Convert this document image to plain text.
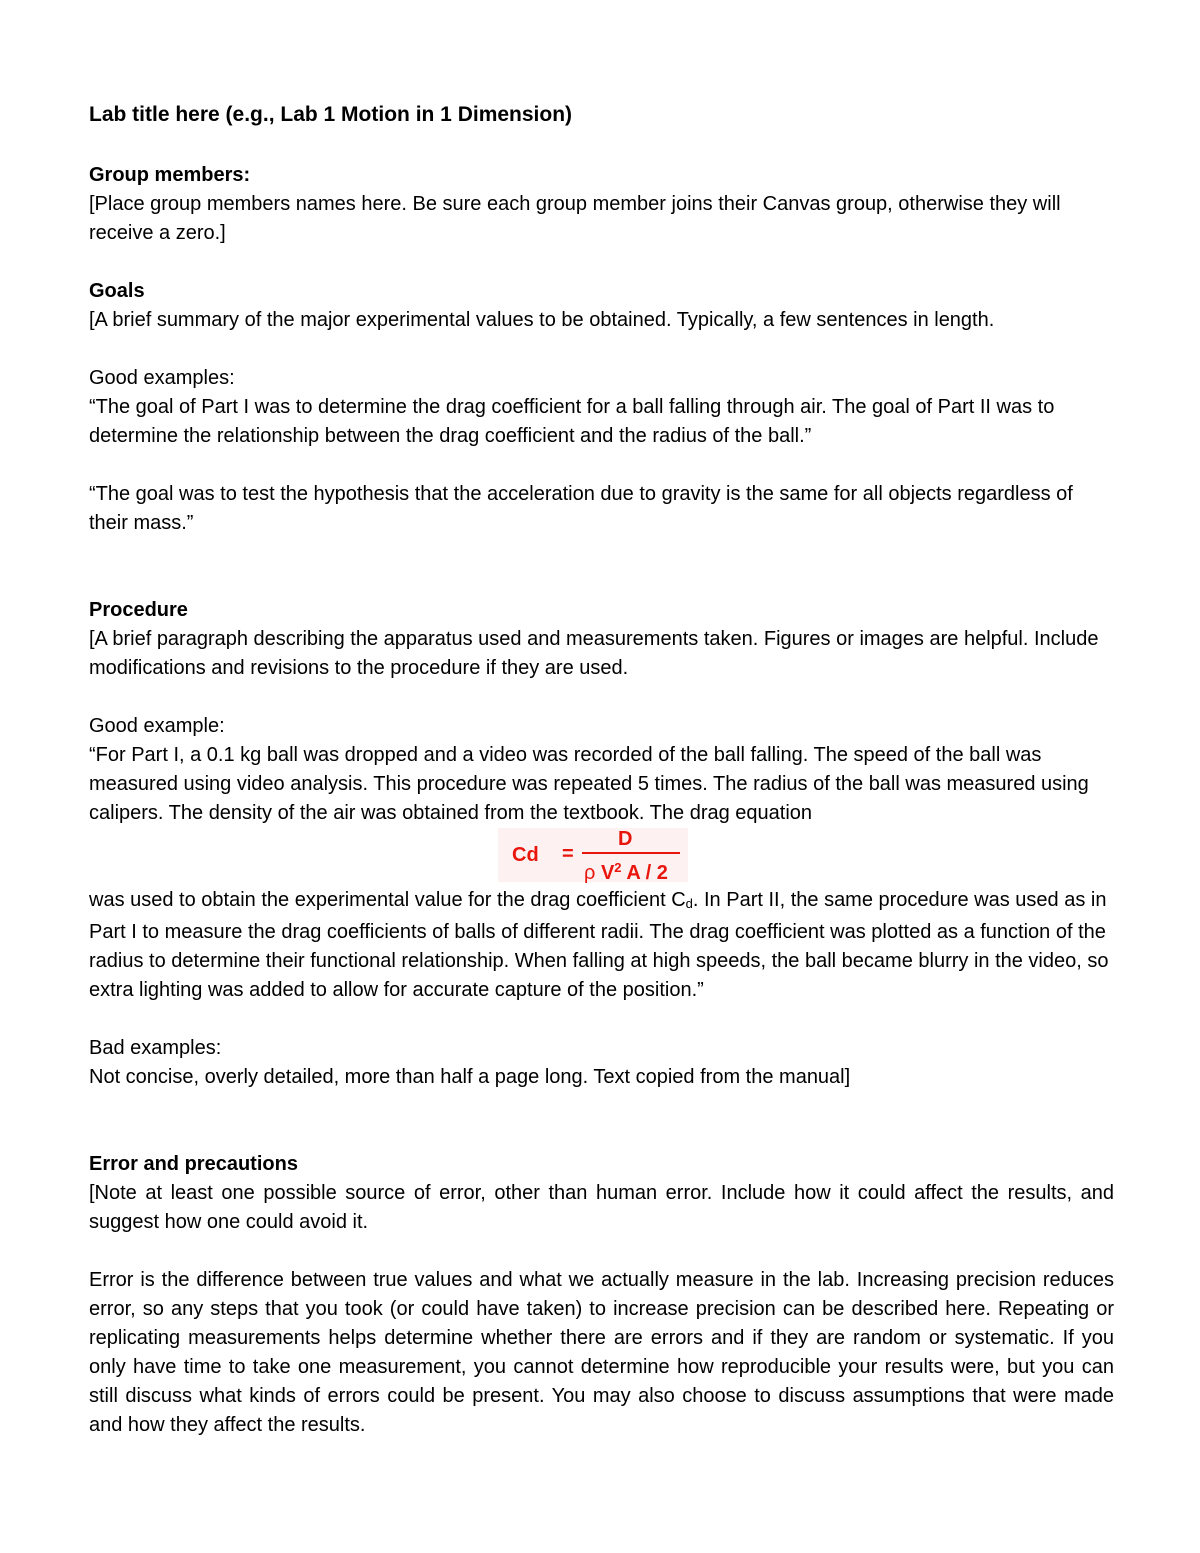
Lab title here (e.g., Lab 1 Motion in 1 Dimension)

Group members:

[Place group members names here. Be sure each group member joins their Canvas group, otherwise they will receive a zero.]

Goals

[A brief summary of the major experimental values to be obtained. Typically, a few sentences in length.

Good examples:

“The goal of Part I was to determine the drag coefficient for a ball falling through air. The goal of Part II was to determine the relationship between the drag coefficient and the radius of the ball.”

“The goal was to test the hypothesis that the acceleration due to gravity is the same for all objects regardless of their mass.”

Procedure

[A brief paragraph describing the apparatus used and measurements taken. Figures or images are helpful. Include modifications and revisions to the procedure if they are used.

Good example:

“For Part I, a 0.1 kg ball was dropped and a video was recorded of the ball falling. The speed of the ball was measured using video analysis. This procedure was repeated 5 times. The radius of the ball was measured using calipers. The density of the air was obtained from the textbook. The drag equation

Cd =
D
ρ $V^2$ A / 2

was used to obtain the experimental value for the drag coefficient Cd. In Part II, the same procedure was used as in Part I to measure the drag coefficients of balls of different radii. The drag coefficient was plotted as a function of the radius to determine their functional relationship. When falling at high speeds, the ball became blurry in the video, so extra lighting was added to allow for accurate capture of the position.”

Bad examples:

Not concise, overly detailed, more than half a page long. Text copied from the manual]

Error and precautions

[Note at least one possible source of error, other than human error. Include how it could affect the results, and suggest how one could avoid it.

Error is the difference between true values and what we actually measure in the lab. Increasing precision reduces error, so any steps that you took (or could have taken) to increase precision can be described here. Repeating or replicating measurements helps determine whether there are errors and if they are random or systematic. If you only have time to take one measurement, you cannot determine how reproducible your results were, but you can still discuss what kinds of errors could be present. You may also choose to discuss assumptions that were made and how they affect the results.
